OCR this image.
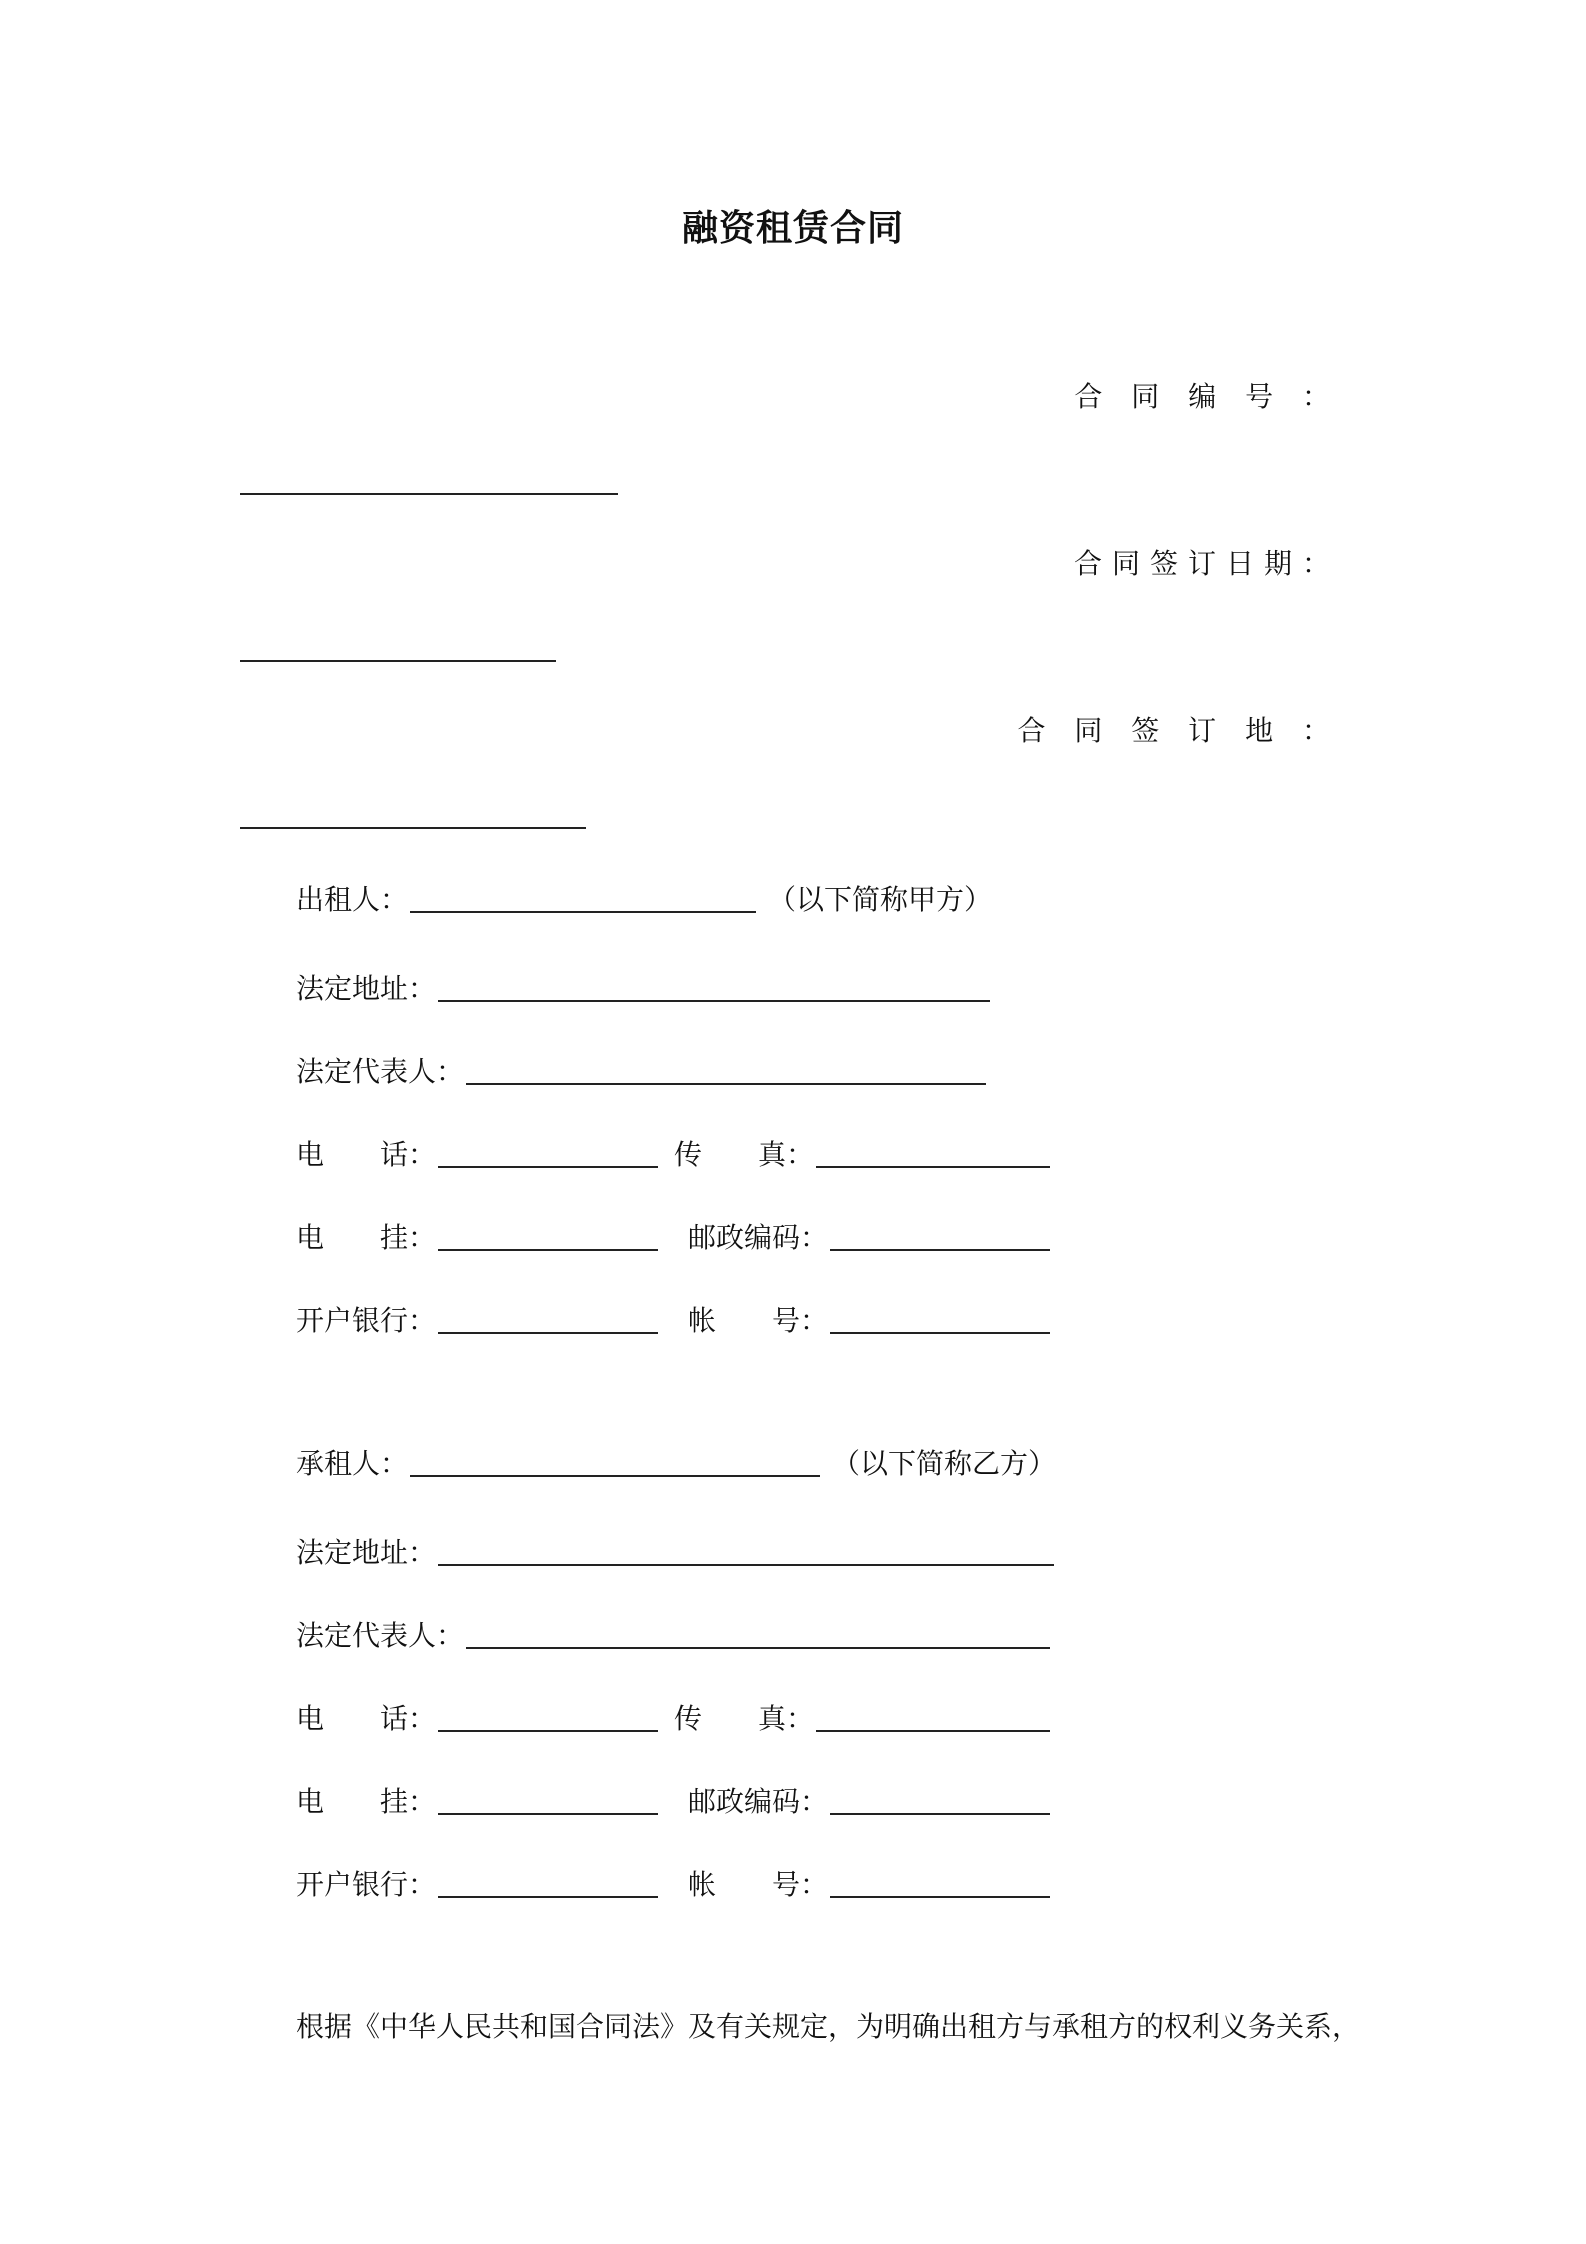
融资租赁合同
合 同 编 号 ：
合同签订日期：
合 同 签 订 地 ：
出租人：	（以下简称甲方）
法定地址：
法定代表人：
电　　话：	传　　真：
电　　挂：	邮政编码：
开户银行：	帐　　号：
承租人：	（以下简称乙方）
法定地址：
法定代表人：
电　　话：	传　　真：
电　　挂：	邮政编码：
开户银行：	帐　　号：
根据《中华人民共和国合同法》及有关规定，为明确出租方与承租方的权利义务关系，
